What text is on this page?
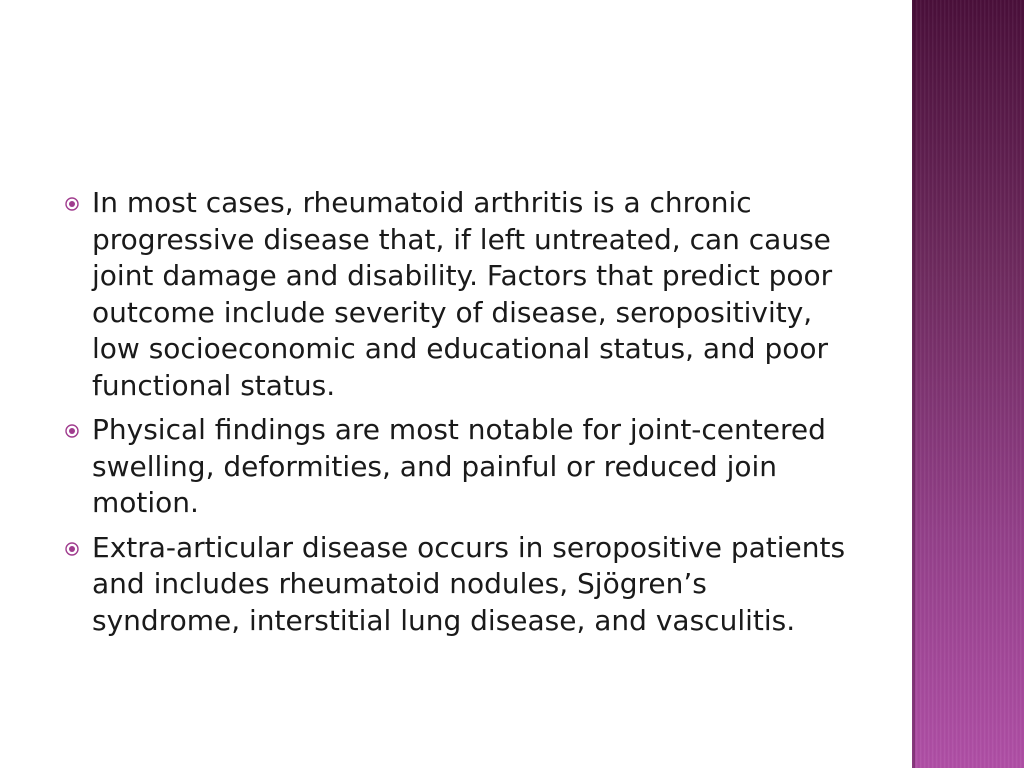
In most cases, rheumatoid arthritis is a chronic progressive disease that, if left untreated, can cause joint damage and disability. Factors that predict poor outcome include severity of disease, seropositivity, low socioeconomic and educational status, and poor functional status.
Physical findings are most notable for joint-centered swelling, deformities, and painful or reduced join motion.
Extra-articular disease occurs in seropositive patients and includes rheumatoid nodules, Sjögren’s syndrome, interstitial lung disease, and vasculitis.
